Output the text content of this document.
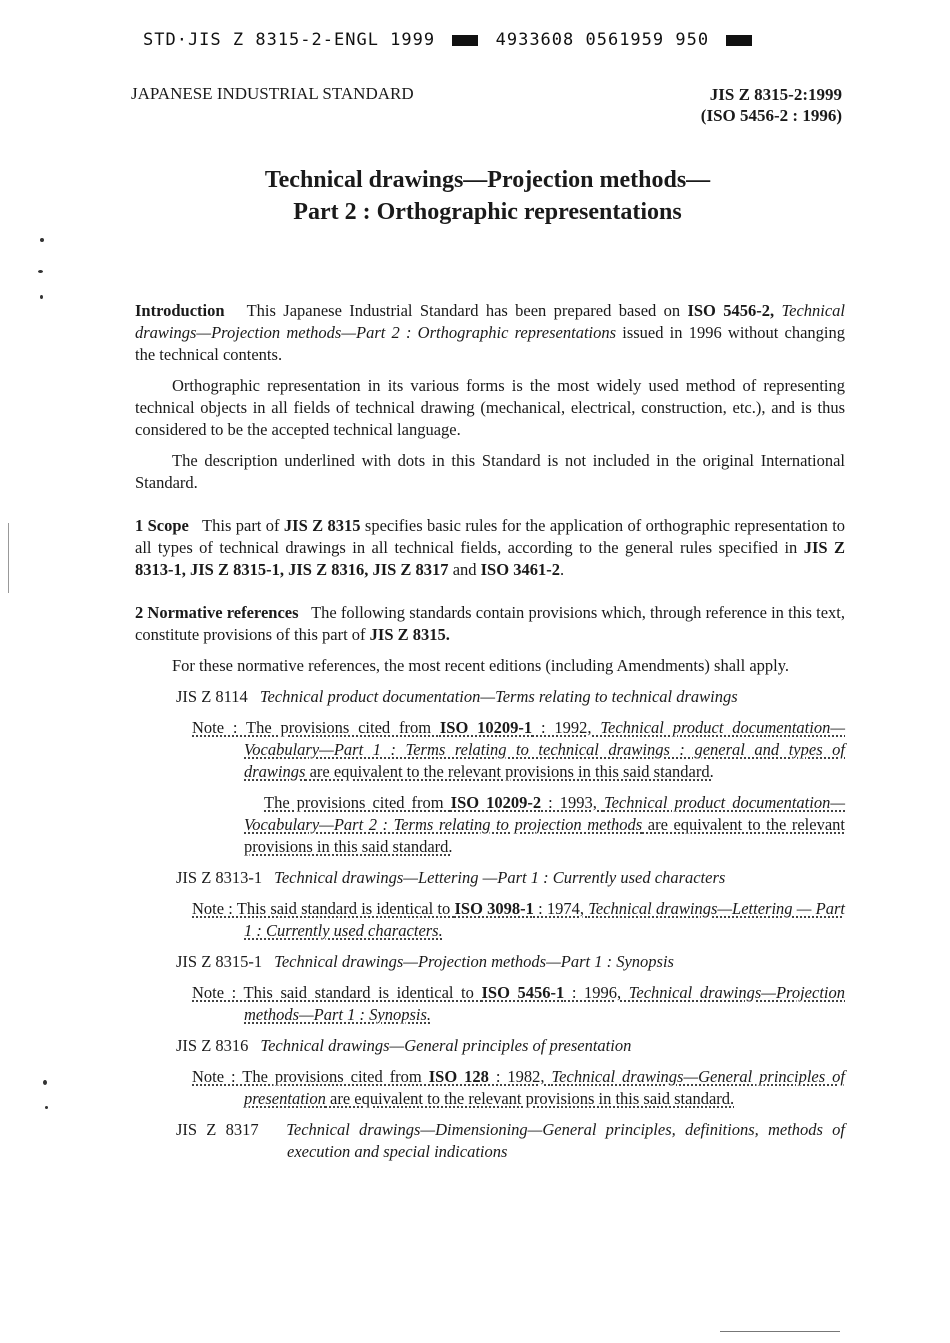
STD·JIS Z 8315-2-ENGL 1999	4933608 0561959 950
JAPANESE INDUSTRIAL STANDARD	JIS Z 8315-2:1999
(ISO 5456-2 : 1996)
Technical drawings—Projection methods—
Part 2 : Orthographic representations

Introduction This Japanese Industrial Standard has been prepared based on ISO 5456-2, Technical drawings—Projection methods—Part 2 : Orthographic representations issued in 1996 without changing the technical contents.

Orthographic representation in its various forms is the most widely used method of representing technical objects in all fields of technical drawing (mechanical, electrical, construction, etc.), and is thus considered to be the accepted technical language.

The description underlined with dots in this Standard is not included in the original International Standard.

1 Scope This part of JIS Z 8315 specifies basic rules for the application of orthographic representation to all types of technical drawings in all technical fields, according to the general rules specified in JIS Z 8313-1, JIS Z 8315-1, JIS Z 8316, JIS Z 8317 and ISO 3461-2.

2 Normative references The following standards contain provisions which, through reference in this text, constitute provisions of this part of JIS Z 8315.

For these normative references, the most recent editions (including Amendments) shall apply.

JIS Z 8114 Technical product documentation—Terms relating to technical drawings

Note : The provisions cited from ISO 10209-1 : 1992, Technical product documentation—Vocabulary—Part 1 : Terms relating to technical drawings : general and types of drawings are equivalent to the relevant provisions in this said standard.

The provisions cited from ISO 10209-2 : 1993, Technical product documentation—Vocabulary—Part 2 : Terms relating to projection methods are equivalent to the relevant provisions in this said standard.

JIS Z 8313-1 Technical drawings—Lettering —Part 1 : Currently used characters

Note : This said standard is identical to ISO 3098-1 : 1974, Technical drawings—Lettering — Part 1 : Currently used characters.

JIS Z 8315-1 Technical drawings—Projection methods—Part 1 : Synopsis

Note : This said standard is identical to ISO 5456-1 : 1996, Technical drawings—Projection methods—Part 1 : Synopsis.

JIS Z 8316 Technical drawings—General principles of presentation

Note : The provisions cited from ISO 128 : 1982, Technical drawings—General principles of presentation are equivalent to the relevant provisions in this said standard.

JIS Z 8317 Technical drawings—Dimensioning—General principles, definitions, methods of execution and special indications
